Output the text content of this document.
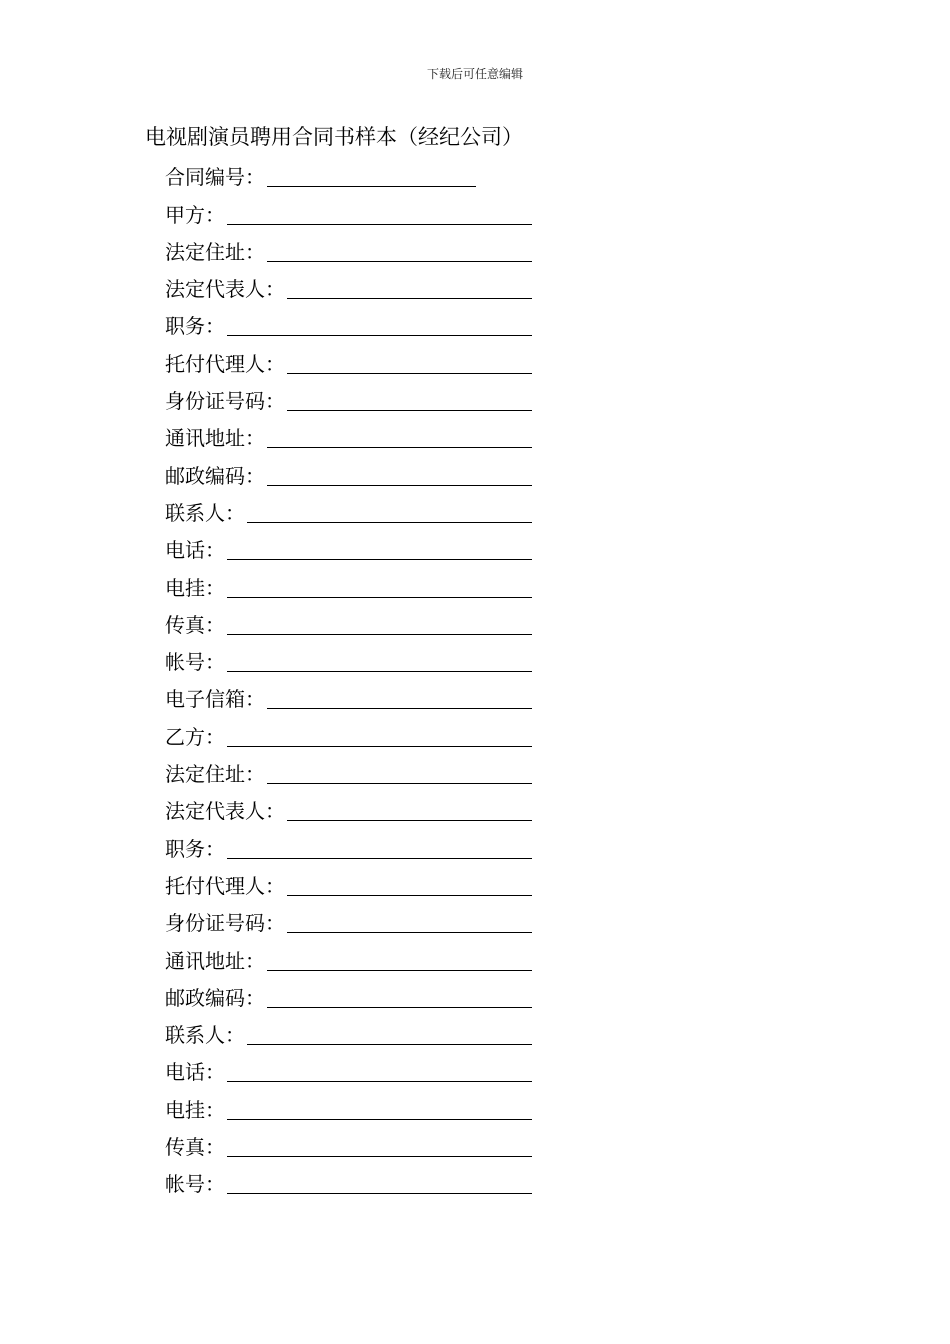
下载后可任意编辑
电视剧演员聘用合同书样本（经纪公司）
合同编号：
甲方：
法定住址：
法定代表人：
职务：
托付代理人：
身份证号码：
通讯地址：
邮政编码：
联系人：
电话：
电挂：
传真：
帐号：
电子信箱：
乙方：
法定住址：
法定代表人：
职务：
托付代理人：
身份证号码：
通讯地址：
邮政编码：
联系人：
电话：
电挂：
传真：
帐号：
